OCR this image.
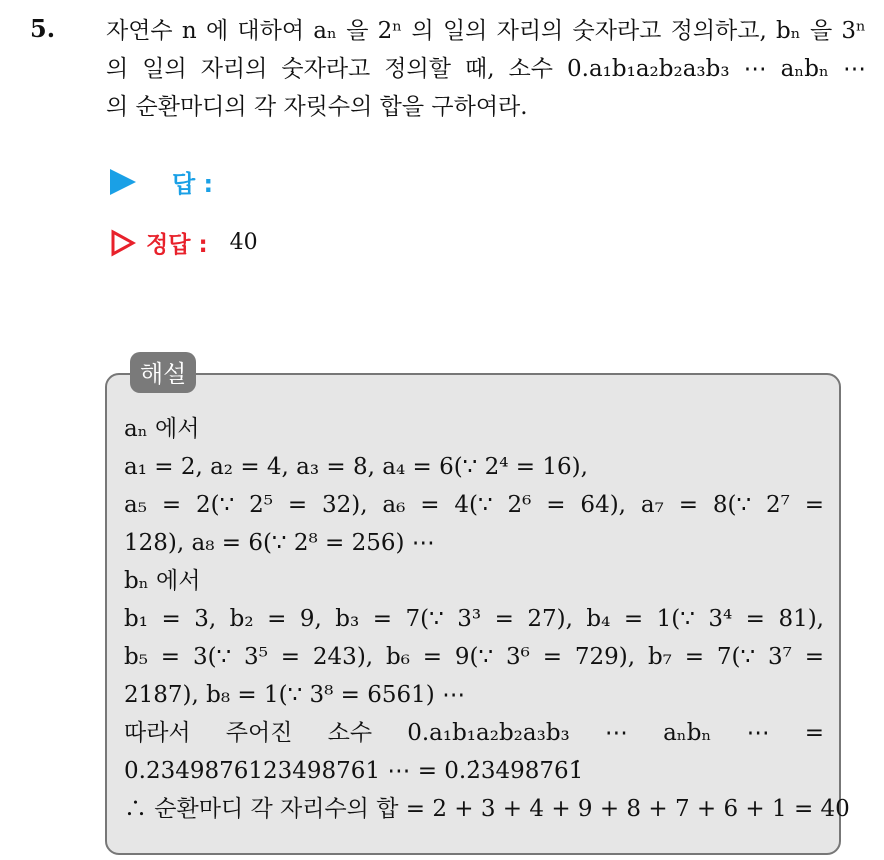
5. 자연수 n 에 대하여 aₙ 을 2ⁿ 의 일의 자리의 숫자라고 정의하고, bₙ 을 3ⁿ
의 일의 자리의 숫자라고 정의할 때, 소수 0.a₁b₁a₂b₂a₃b₃ ⋯ aₙbₙ ⋯
의 순환마디의 각 자릿수의 합을 구하여라.
답 :
정답 : 40
해설
aₙ 에서
a₁ = 2, a₂ = 4, a₃ = 8, a₄ = 6(∵ 2⁴ = 16),
a₅ = 2(∵ 2⁵ = 32), a₆ = 4(∵ 2⁶ = 64), a₇ = 8(∵ 2⁷ =
128), a₈ = 6(∵ 2⁸ = 256) ⋯
bₙ 에서
b₁ = 3, b₂ = 9, b₃ = 7(∵ 3³ = 27), b₄ = 1(∵ 3⁴ = 81),
b₅ = 3(∵ 3⁵ = 243), b₆ = 9(∵ 3⁶ = 729), b₇ = 7(∵ 3⁷ =
2187), b₈ = 1(∵ 3⁸ = 6561) ⋯
따라서 주어진 소수 0.a₁b₁a₂b₂a₃b₃ ⋯ aₙbₙ ⋯ =
0.2349876123498761 ⋯ = 0.2̇3498761̇
∴ 순환마디 각 자리수의 합 = 2 + 3 + 4 + 9 + 8 + 7 + 6 + 1 = 40
